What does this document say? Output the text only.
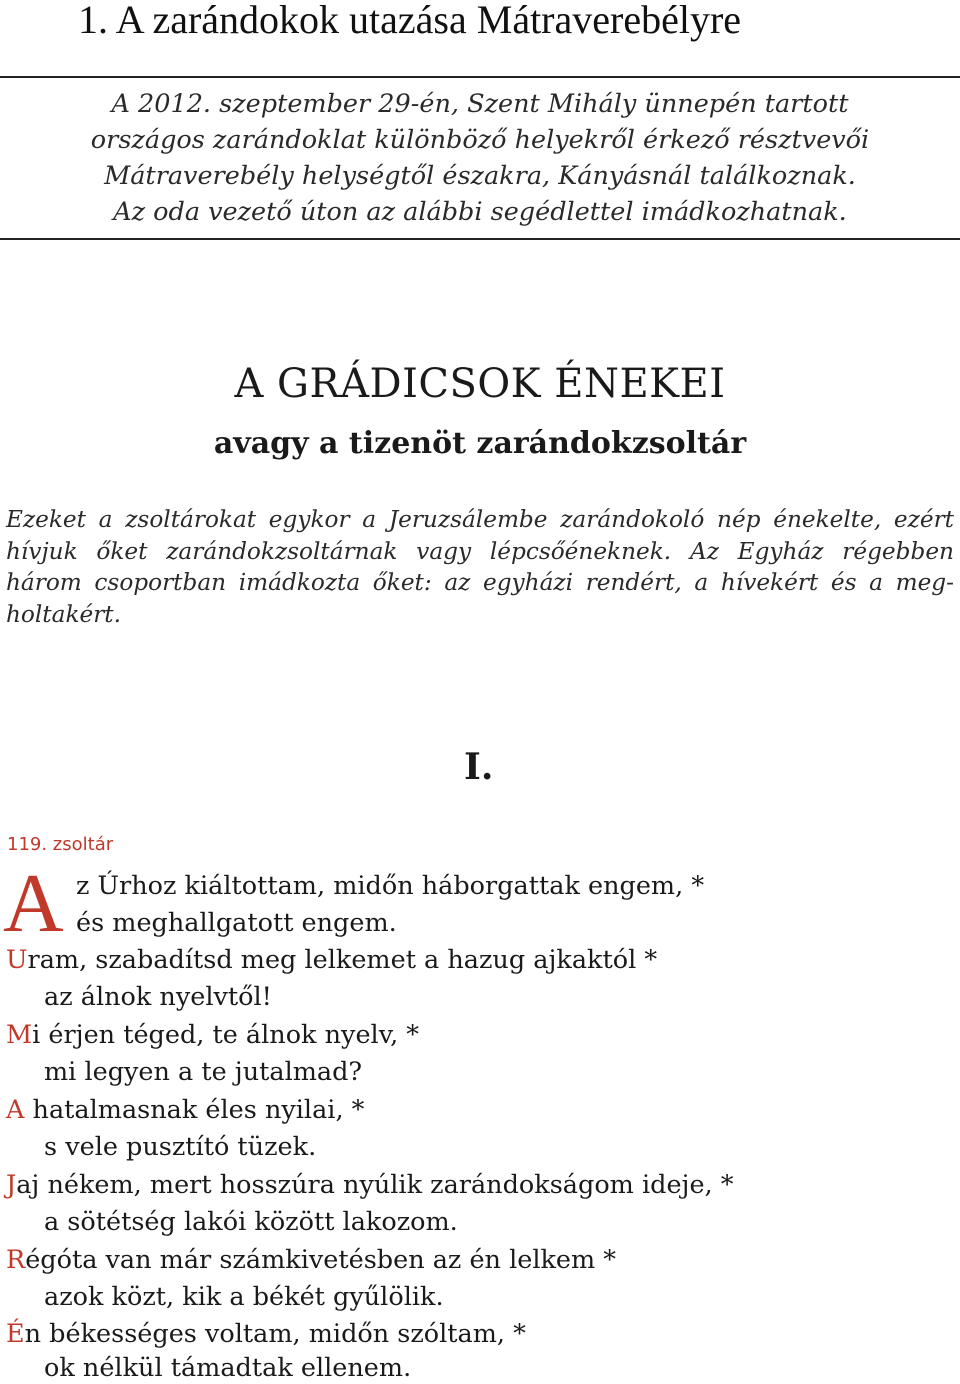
1. A zarándokok utazása Mátraverebélyre
A 2012. szeptember 29-én, Szent Mihály ünnepén tartott
országos zarándoklat különböző helyekről érkező résztvevői
Mátraverebély helységtől északra, Kányásnál találkoznak.
Az oda vezető úton az alábbi segédlettel imádkozhatnak.
A GRÁDICSOK ÉNEKEI
avagy a tizenöt zarándokzsoltár
Ezeket a zsoltárokat egykor a Jeruzsálembe zarándokoló nép énekelte, ezért
hívjuk őket zarándokzsoltárnak vagy lépcsőéneknek. Az Egyház régebben
három csoportban imádkozta őket: az egyházi rendért, a hívekért és a meg-
holtakért.
I.
119. zsoltár
A z Úrhoz kiáltottam, midőn háborgattak engem, *
és meghallgatott engem.
Uram, szabadítsd meg lelkemet a hazug ajkaktól *
az álnok nyelvtől!
Mi érjen téged, te álnok nyelv, *
mi legyen a te jutalmad?
A hatalmasnak éles nyilai, *
s vele pusztító tüzek.
Jaj nékem, mert hosszúra nyúlik zarándokságom ideje, *
a sötétség lakói között lakozom.
Régóta van már számkivetésben az én lelkem *
azok közt, kik a békét gyűlölik.
Én békességes voltam, midőn szóltam, *
ok nélkül támadtak ellenem.
